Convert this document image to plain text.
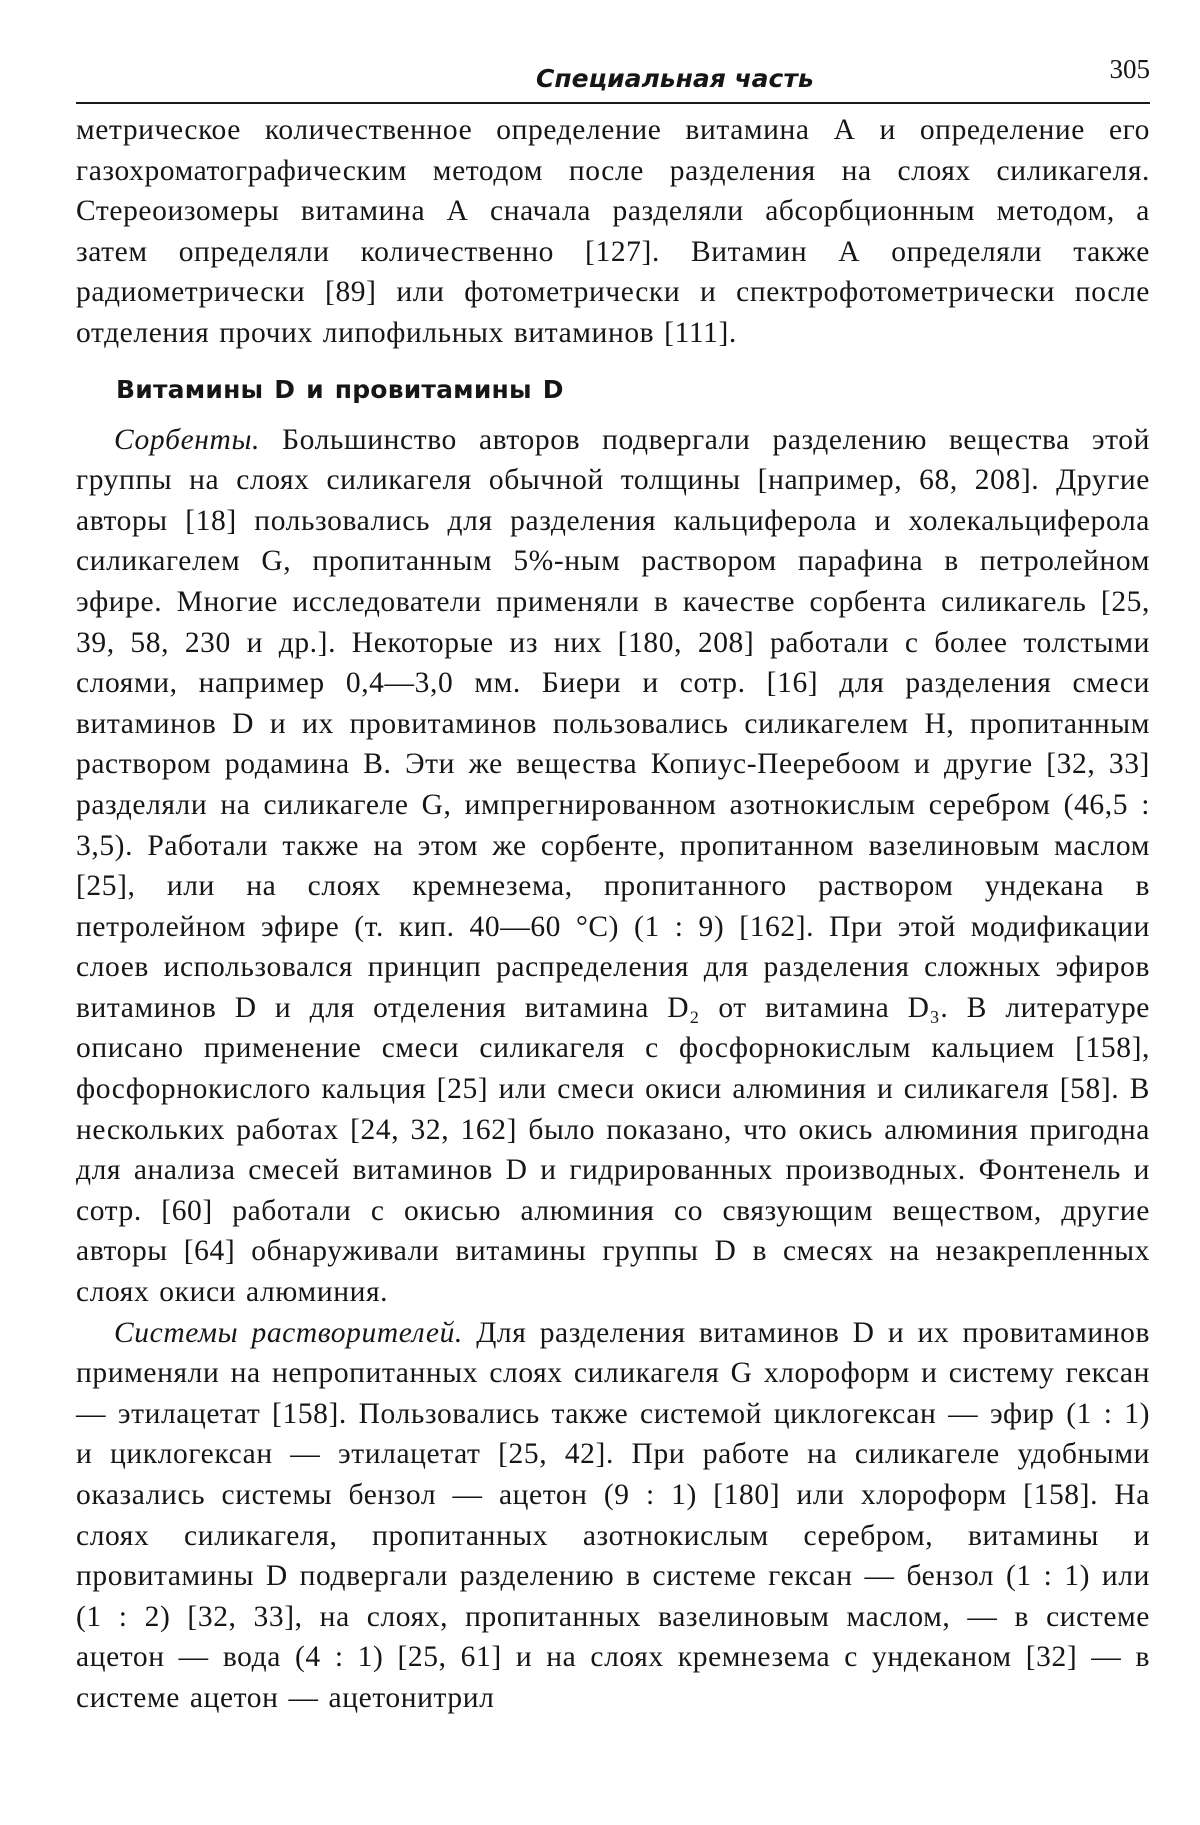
Специальная часть	305

метрическое количественное определение витамина А и определение его газохроматографическим методом после разделения на слоях силикагеля. Стереоизомеры витамина А сначала разделяли абсорбционным методом, а затем определяли количественно [127]. Витамин А определяли также радиометрически [89] или фотометрически и спектрофотометрически после отделения прочих липофильных витаминов [111].

Витамины D и провитамины D

Сорбенты. Большинство авторов подвергали разделению вещества этой группы на слоях силикагеля обычной толщины [например, 68, 208]. Другие авторы [18] пользовались для разделения кальциферола и холекальциферола силикагелем G, пропитанным 5%-ным раствором парафина в петролейном эфире. Многие исследователи применяли в качестве сорбента силикагель [25, 39, 58, 230 и др.]. Некоторые из них [180, 208] работали с более толстыми слоями, например 0,4—3,0 мм. Биери и сотр. [16] для разделения смеси витаминов D и их провитаминов пользовались силикагелем H, пропитанным раствором родамина B. Эти же вещества Копиус-Пееребоом и другие [32, 33] разделяли на силикагеле G, импрегнированном азотнокислым серебром (46,5 : 3,5). Работали также на этом же сорбенте, пропитанном вазелиновым маслом [25], или на слоях кремнезема, пропитанного раствором ундекана в петролейном эфире (т. кип. 40—60 °С) (1 : 9) [162]. При этой модификации слоев использовался принцип распределения для разделения сложных эфиров витаминов D и для отделения витамина D₂ от витамина D₃. В литературе описано применение смеси силикагеля с фосфорнокислым кальцием [158], фосфорнокислого кальция [25] или смеси окиси алюминия и силикагеля [58]. В нескольких работах [24, 32, 162] было показано, что окись алюминия пригодна для анализа смесей витаминов D и гидрированных производных. Фонтенель и сотр. [60] работали с окисью алюминия со связующим веществом, другие авторы [64] обнаруживали витамины группы D в смесях на незакрепленных слоях окиси алюминия.

Системы растворителей. Для разделения витаминов D и их провитаминов применяли на непропитанных слоях силикагеля G хлороформ и систему гексан — этилацетат [158]. Пользовались также системой циклогексан — эфир (1 : 1) и циклогексан — этилацетат [25, 42]. При работе на силикагеле удобными оказались системы бензол — ацетон (9 : 1) [180] или хлороформ [158]. На слоях силикагеля, пропитанных азотнокислым серебром, витамины и провитамины D подвергали разделению в системе гексан — бензол (1 : 1) или (1 : 2) [32, 33], на слоях, пропитанных вазелиновым маслом, — в системе ацетон — вода (4 : 1) [25, 61] и на слоях кремнезема с ундеканом [32] — в системе ацетон — ацетонитрил
